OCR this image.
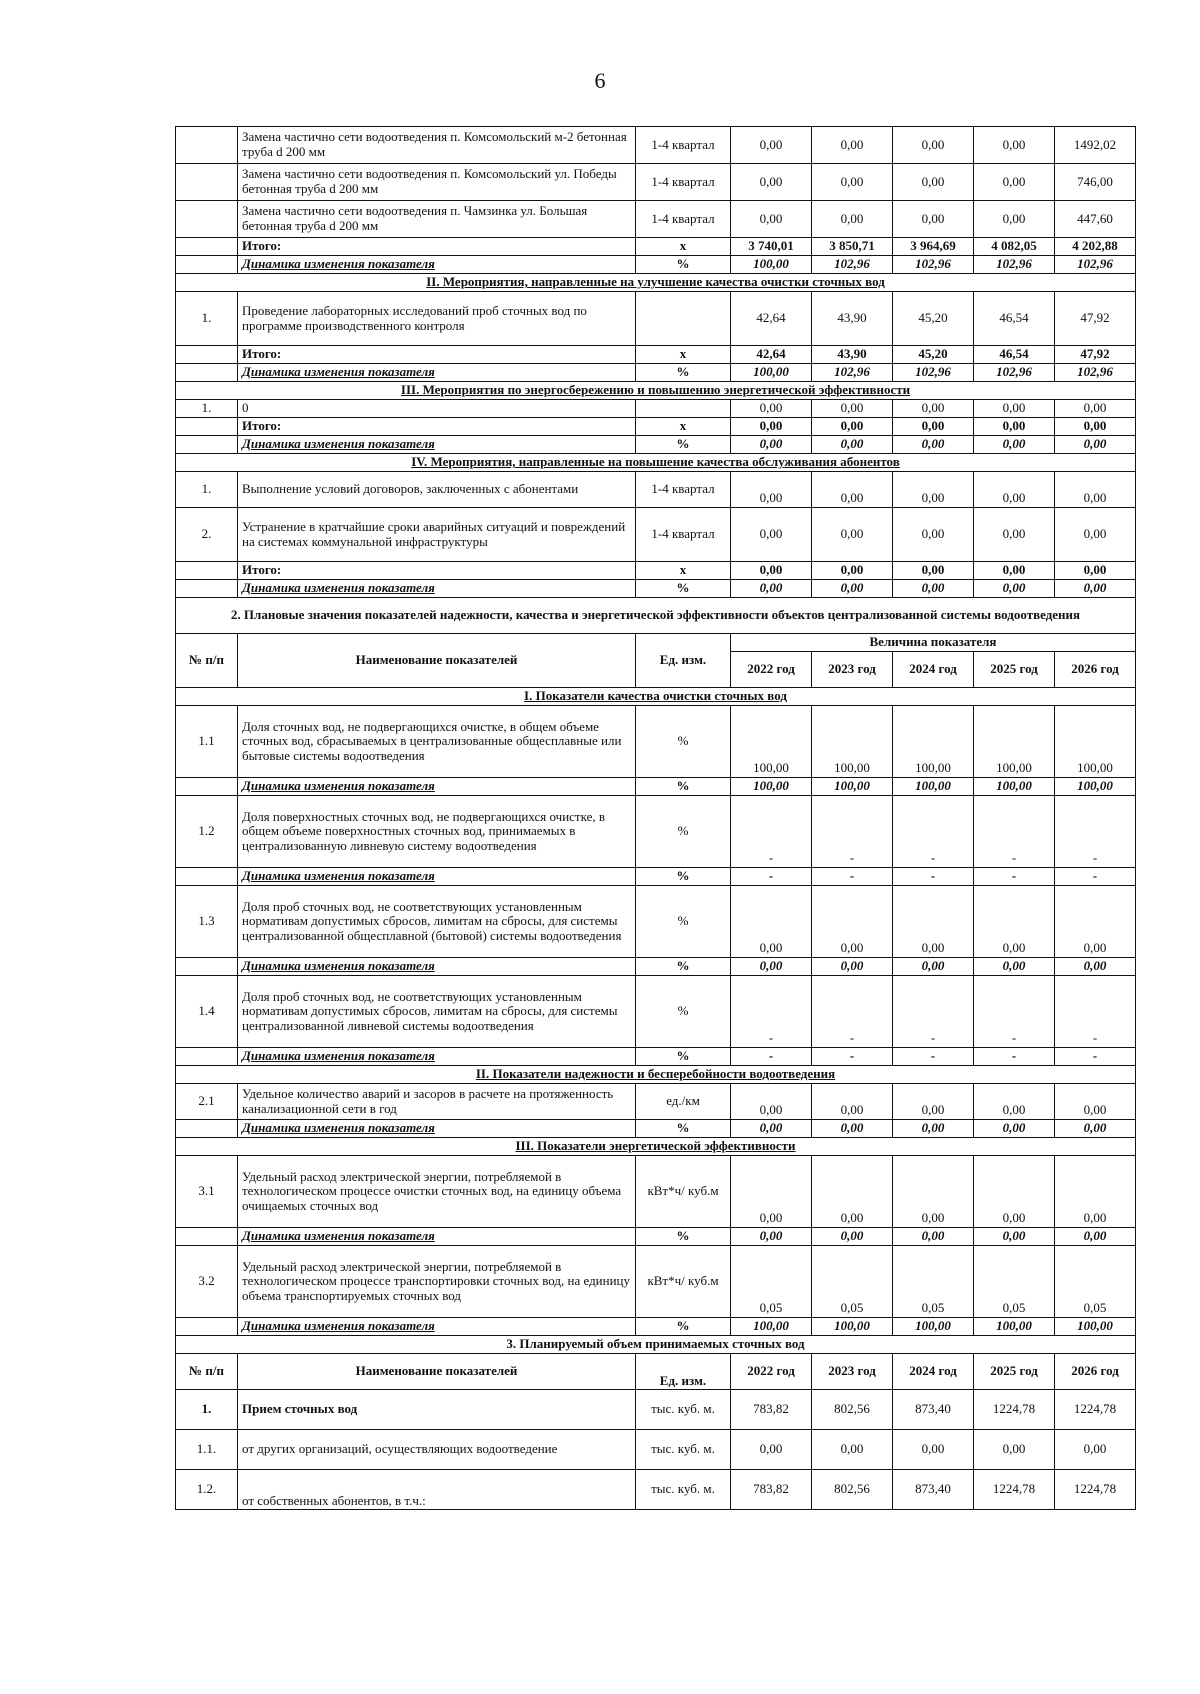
6
	Замена частично сети водоотведения п. Комсомольский м-2 бетонная труба d 200 мм	1-4 квартал	0,00	0,00	0,00	0,00	1492,02
	Замена частично сети водоотведения п. Комсомольский ул. Победы бетонная труба d 200 мм	1-4 квартал	0,00	0,00	0,00	0,00	746,00
	Замена частично сети водоотведения п. Чамзинка ул. Большая бетонная труба d 200 мм	1-4 квартал	0,00	0,00	0,00	0,00	447,60
	Итого:	х	3 740,01	3 850,71	3 964,69	4 082,05	4 202,88
	Динамика изменения показателя	%	100,00	102,96	102,96	102,96	102,96
II. Мероприятия, направленные на улучшение качества очистки сточных вод							
1.	Проведение лабораторных исследований проб сточных вод по программе производственного контроля		42,64	43,90	45,20	46,54	47,92
	Итого:	х	42,64	43,90	45,20	46,54	47,92
	Динамика изменения показателя	%	100,00	102,96	102,96	102,96	102,96
III. Мероприятия по энергосбережению и повышению энергетической эффективности							
1.	0		0,00	0,00	0,00	0,00	0,00
	Итого:	х	0,00	0,00	0,00	0,00	0,00
	Динамика изменения показателя	%	0,00	0,00	0,00	0,00	0,00
IV. Мероприятия, направленные на повышение качества обслуживания абонентов							
1.	Выполнение условий договоров, заключенных с абонентами	1-4 квартал	0,00	0,00	0,00	0,00	0,00
2.	Устранение в кратчайшие сроки аварийных ситуаций и повреждений на системах коммунальной инфраструктуры	1-4 квартал	0,00	0,00	0,00	0,00	0,00
	Итого:	х	0,00	0,00	0,00	0,00	0,00
	Динамика изменения показателя	%	0,00	0,00	0,00	0,00	0,00
2. Плановые значения показателей надежности, качества и энергетической эффективности объектов централизованной системы водоотведения							
№ п/п	Наименование показателей	Ед. изм.	Величина показателя				
			2022 год	2023 год	2024 год	2025 год	2026 год

I. Показатели качества очистки сточных вод							
1.1	Доля сточных вод, не подвергающихся очистке, в общем объеме сточных вод, сбрасываемых в централизованные общесплавные или бытовые системы водоотведения	%	100,00	100,00	100,00	100,00	100,00
	Динамика изменения показателя	%	100,00	100,00	100,00	100,00	100,00
1.2	Доля поверхностных сточных вод, не подвергающихся очистке, в общем объеме поверхностных сточных вод, принимаемых в централизованную ливневую систему водоотведения	%	-	-	-	-	-
	Динамика изменения показателя	%	-	-	-	-	-
1.3	Доля проб сточных вод, не соответствующих установленным нормативам допустимых сбросов, лимитам на сбросы, для системы централизованной общесплавной (бытовой) системы водоотведения	%	0,00	0,00	0,00	0,00	0,00
	Динамика изменения показателя	%	0,00	0,00	0,00	0,00	0,00
1.4	Доля проб сточных вод, не соответствующих установленным нормативам допустимых сбросов, лимитам на сбросы, для системы централизованной ливневой системы водоотведения	%	-	-	-	-	-
	Динамика изменения показателя	%	-	-	-	-	-
II. Показатели надежности и бесперебойности водоотведения							
2.1	Удельное количество аварий и засоров в расчете на протяженность канализационной сети в год	ед./км	0,00	0,00	0,00	0,00	0,00
	Динамика изменения показателя	%	0,00	0,00	0,00	0,00	0,00
III. Показатели энергетической эффективности							
3.1	Удельный расход электрической энергии, потребляемой в технологическом процессе очистки сточных вод, на единицу объема очищаемых сточных вод	кВт*ч/ куб.м	0,00	0,00	0,00	0,00	0,00
	Динамика изменения показателя	%	0,00	0,00	0,00	0,00	0,00
3.2	Удельный расход электрической энергии, потребляемой в технологическом процессе транспортировки сточных вод, на единицу объема транспортируемых сточных вод	кВт*ч/ куб.м	0,05	0,05	0,05	0,05	0,05
	Динамика изменения показателя	%	100,00	100,00	100,00	100,00	100,00
3. Планируемый объем принимаемых сточных вод							
№ п/п	Наименование показателей	Ед. изм.	2022 год	2023 год	2024 год	2025 год	2026 год
1.	Прием сточных вод	тыс. куб. м.	783,82	802,56	873,40	1224,78	1224,78
1.1.	от других организаций, осуществляющих водоотведение	тыс. куб. м.	0,00	0,00	0,00	0,00	0,00
1.2.	от собственных абонентов, в т.ч.:	тыс. куб. м.	783,82	802,56	873,40	1224,78	1224,78
